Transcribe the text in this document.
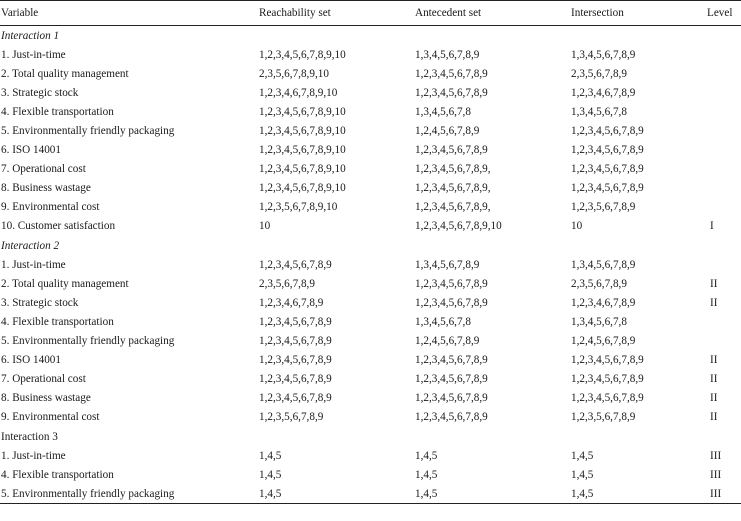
Variable	Reachability set	Antecedent set	Intersection	Level
Interaction 1				
1. Just-in-time	1,2,3,4,5,6,7,8,9,10	1,3,4,5,6,7,8,9	1,3,4,5,6,7,8,9	
2. Total quality management	2,3,5,6,7,8,9,10	1,2,3,4,5,6,7,8,9	2,3,5,6,7,8,9	
3. Strategic stock	1,2,3,4,6,7,8,9,10	1,2,3,4,5,6,7,8,9	1,2,3,4,6,7,8,9	
4. Flexible transportation	1,2,3,4,5,6,7,8,9,10	1,3,4,5,6,7,8	1,3,4,5,6,7,8	
5. Environmentally friendly packaging	1,2,3,4,5,6,7,8,9,10	1,2,4,5,6,7,8,9	1,2,3,4,5,6,7,8,9	
6. ISO 14001	1,2,3,4,5,6,7,8,9,10	1,2,3,4,5,6,7,8,9	1,2,3,4,5,6,7,8,9	
7. Operational cost	1,2,3,4,5,6,7,8,9,10	1,2,3,4,5,6,7,8,9,	1,2,3,4,5,6,7,8,9	
8. Business wastage	1,2,3,4,5,6,7,8,9,10	1,2,3,4,5,6,7,8,9,	1,2,3,4,5,6,7,8,9	
9. Environmental cost	1,2,3,5,6,7,8,9,10	1,2,3,4,5,6,7,8,9,	1,2,3,5,6,7,8,9	
10. Customer satisfaction	10	1,2,3,4,5,6,7,8,9,10	10	I
Interaction 2				
1. Just-in-time	1,2,3,4,5,6,7,8,9	1,3,4,5,6,7,8,9	1,3,4,5,6,7,8,9	
2. Total quality management	2,3,5,6,7,8,9	1,2,3,4,5,6,7,8,9	2,3,5,6,7,8,9	II
3. Strategic stock	1,2,3,4,6,7,8,9	1,2,3,4,5,6,7,8,9	1,2,3,4,6,7,8,9	II
4. Flexible transportation	1,2,3,4,5,6,7,8,9	1,3,4,5,6,7,8	1,3,4,5,6,7,8	
5. Environmentally friendly packaging	1,2,3,4,5,6,7,8,9	1,2,4,5,6,7,8,9	1,2,4,5,6,7,8,9	
6. ISO 14001	1,2,3,4,5,6,7,8,9	1,2,3,4,5,6,7,8,9	1,2,3,4,5,6,7,8,9	II
7. Operational cost	1,2,3,4,5,6,7,8,9	1,2,3,4,5,6,7,8,9	1,2,3,4,5,6,7,8,9	II
8. Business wastage	1,2,3,4,5,6,7,8,9	1,2,3,4,5,6,7,8,9	1,2,3,4,5,6,7,8,9	II
9. Environmental cost	1,2,3,5,6,7,8,9	1,2,3,4,5,6,7,8,9	1,2,3,5,6,7,8,9	II
Interaction 3				
1. Just-in-time	1,4,5	1,4,5	1,4,5	III
4. Flexible transportation	1,4,5	1,4,5	1,4,5	III
5. Environmentally friendly packaging	1,4,5	1,4,5	1,4,5	III
